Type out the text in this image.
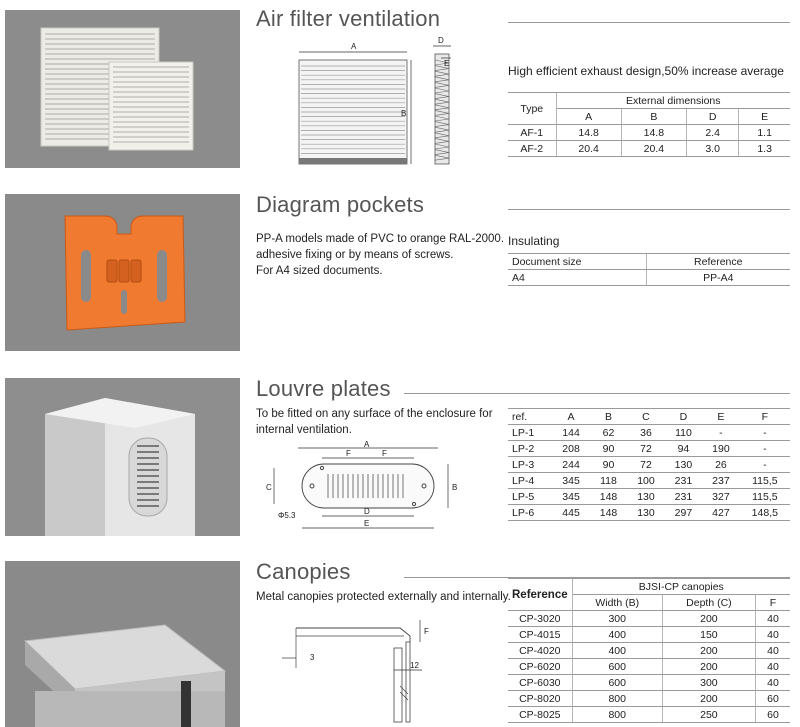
Air filter ventilation
A
B
D
E
High efficient exhaust design,50% increase average
Type	External dimensions			
	A	B	D	E
AF-1	14.8	14.8	2.4	1.1
AF-2	20.4	20.4	3.0	1.3
Diagram pockets
PP-A models made of PVC to orange RAL-2000.
adhesive fixing or by means of screws.
For A4 sized documents.
Insulating
Document size	Reference
A4	PP-A4
Louvre plates
To be fitted on any surface of the enclosure for
internal ventilation.
A
F	F
C	B
D
E
Φ5.3
ref.	A	B	C	D	E	F
LP-1	144	62	36	110	-	-
LP-2	208	90	72	94	190	-
LP-3	244	90	72	130	26	-
LP-4	345	118	100	231	237	115,5
LP-5	345	148	130	231	327	115,5
LP-6	445	148	130	297	427	148,5
Canopies
Metal canopies protected externally and internally.
F
3
12
Reference	BJSI-CP canopies		
	Width (B)	Depth (C)	F
CP-3020	300	200	40
CP-4015	400	150	40
CP-4020	400	200	40
CP-6020	600	200	40
CP-6030	600	300	40
CP-8020	800	200	60
CP-8025	800	250	60
